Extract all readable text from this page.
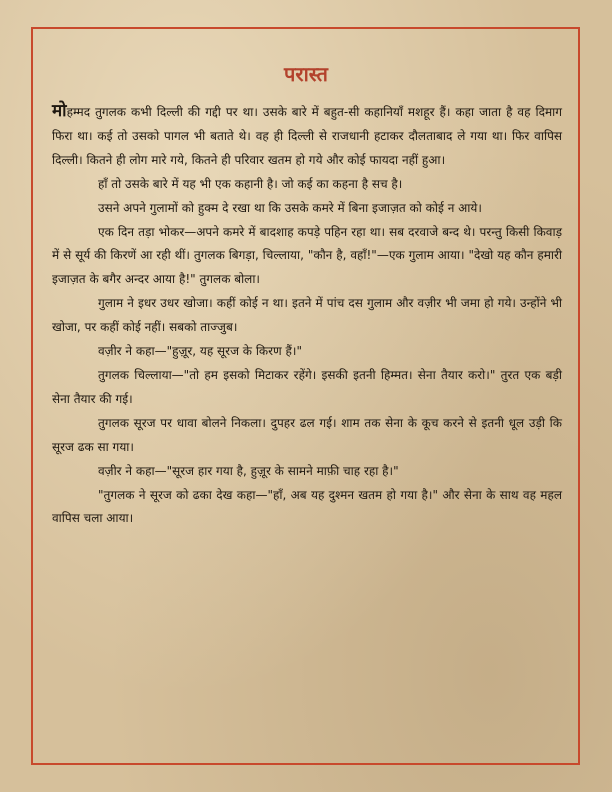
परास्त

मोहम्मद तुगलक कभी दिल्ली की गद्दी पर था। उसके बारे में बहुत-सी कहानियाँ मशहूर हैं। कहा जाता है वह दिमाग फिरा था। कई तो उसको पागल भी बताते थे। वह ही दिल्ली से राजधानी हटाकर दौलताबाद ले गया था। फिर वापिस दिल्ली। कितने ही लोग मारे गये, कितने ही परिवार खतम हो गये और कोई फायदा नहीं हुआ।

हाँ तो उसके बारे में यह भी एक कहानी है। जो कई का कहना है सच है।

उसने अपने गुलामों को हुक्म दे रखा था कि उसके कमरे में बिना इजाज़त को कोई न आये।

एक दिन तड़ा भोकर—अपने कमरे में बादशाह कपड़े पहिन रहा था। सब दरवाजे बन्द थे। परन्तु किसी किवाड़ में से सूर्य की किरणें आ रही थीं। तुगलक बिगड़ा, चिल्लाया, "कौन है, वहाँ!"—एक गुलाम आया। "देखो यह कौन हमारी इजाज़त के बगैर अन्दर आया है!" तुगलक बोला।

गुलाम ने इधर उधर खोजा। कहीं कोई न था। इतने में पांच दस गुलाम और वज़ीर भी जमा हो गये। उन्होंने भी खोजा, पर कहीं कोई नहीं। सबको ताज्जुब।

वज़ीर ने कहा—"हुज़ूर, यह सूरज के किरण हैं।"

तुगलक चिल्लाया—"तो हम इसको मिटाकर रहेंगे। इसकी इतनी हिम्मत। सेना तैयार करो।" तुरत एक बड़ी सेना तैयार की गई।

तुगलक सूरज पर धावा बोलने निकला। दुपहर ढल गई। शाम तक सेना के कूच करने से इतनी धूल उड़ी कि सूरज ढक सा गया।

वज़ीर ने कहा—"सूरज हार गया है, हुज़ूर के सामने माफ़ी चाह रहा है।"

"तुगलक ने सूरज को ढका देख कहा—"हाँ, अब यह दुश्मन खतम हो गया है।" और सेना के साथ वह महल वापिस चला आया।
